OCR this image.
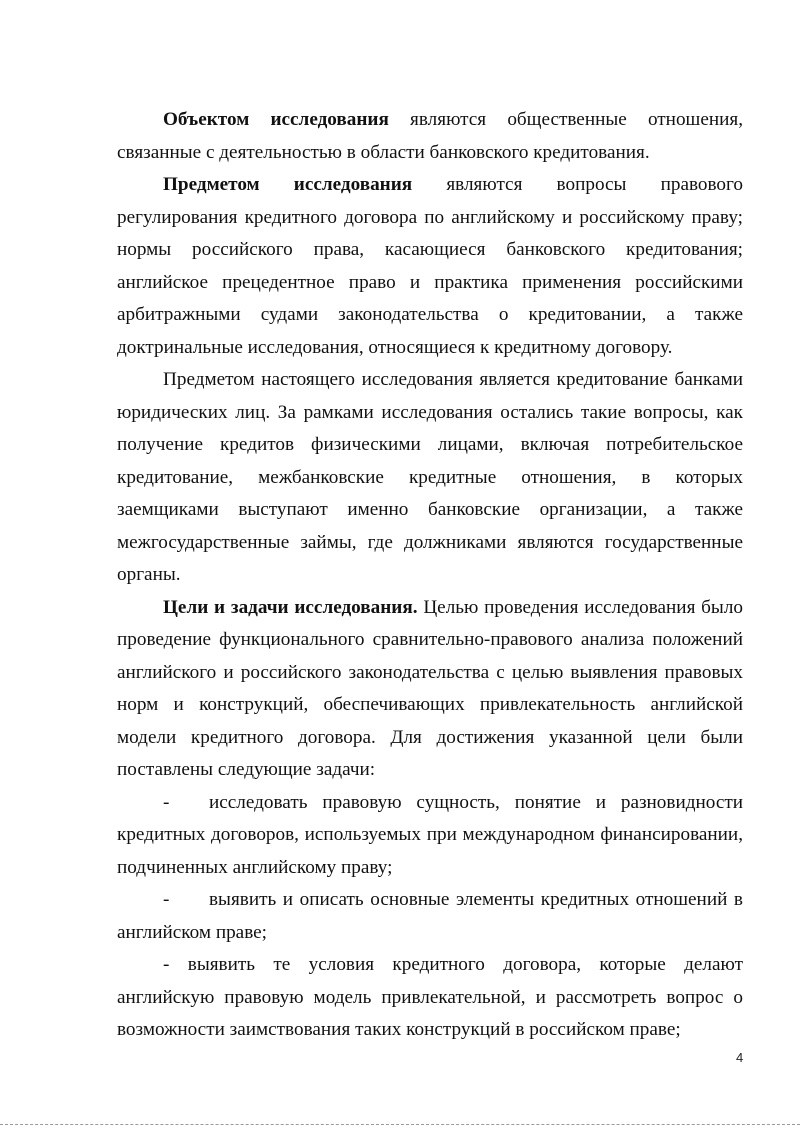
Объектом исследования являются общественные отношения, связанные с деятельностью в области банковского кредитования.

Предметом исследования являются вопросы правового регулирования кредитного договора по английскому и российскому праву; нормы российского права, касающиеся банковского кредитования; английское прецедентное право и практика применения российскими арбитражными судами законодательства о кредитовании, а также доктринальные исследования, относящиеся к кредитному договору.

Предметом настоящего исследования является кредитование банками юридических лиц. За рамками исследования остались такие вопросы, как получение кредитов физическими лицами, включая потребительское кредитование, межбанковские кредитные отношения, в которых заемщиками выступают именно банковские организации, а также межгосударственные займы, где должниками являются государственные органы.

Цели и задачи исследования. Целью проведения исследования было проведение функционального сравнительно-правового анализа положений английского и российского законодательства с целью выявления правовых норм и конструкций, обеспечивающих привлекательность английской модели кредитного договора. Для достижения указанной цели были поставлены следующие задачи:

- исследовать правовую сущность, понятие и разновидности кредитных договоров, используемых при международном финансировании, подчиненных английскому праву;

- выявить и описать основные элементы кредитных отношений в английском праве;

- выявить те условия кредитного договора, которые делают английскую правовую модель привлекательной, и рассмотреть вопрос о возможности заимствования таких конструкций в российском праве;

4
